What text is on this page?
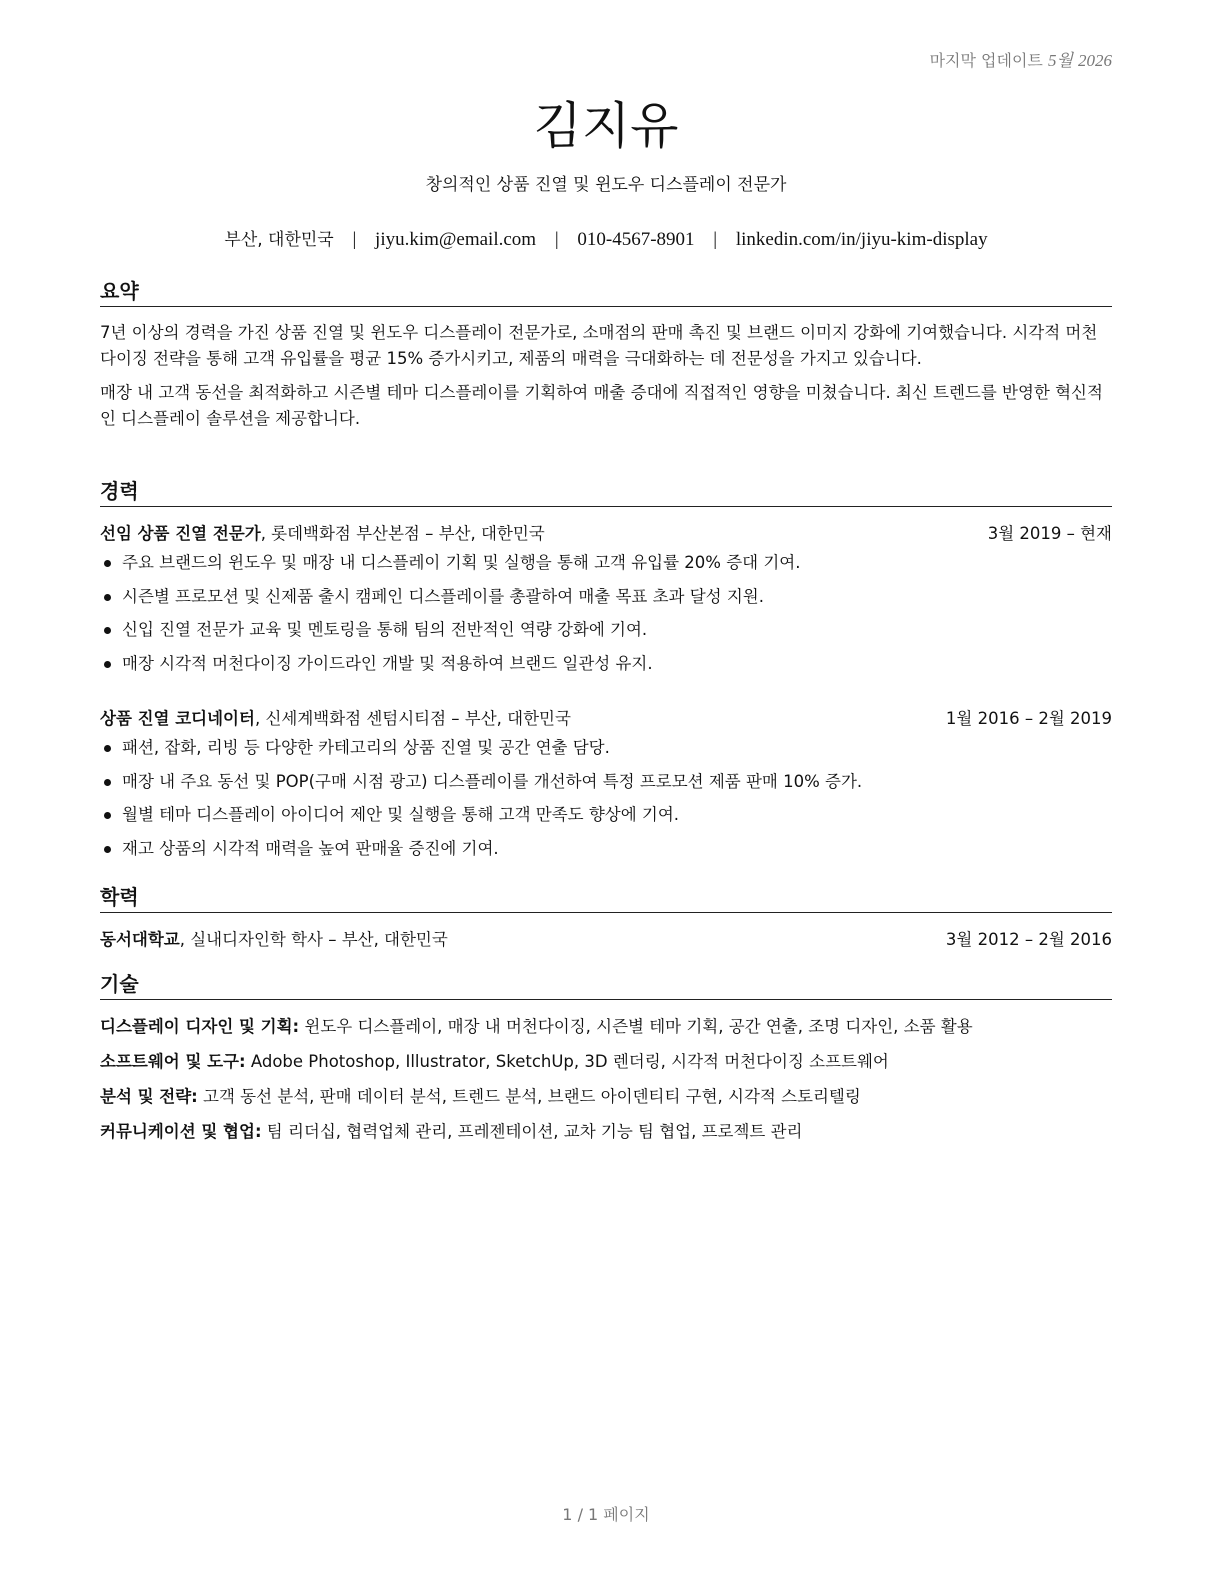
마지막 업데이트 5월 2026
김지유
창의적인 상품 진열 및 윈도우 디스플레이 전문가
부산, 대한민국 | jiyu.kim@email.com | 010-4567-8901 | linkedin.com/in/jiyu-kim-display
요약

7년 이상의 경력을 가진 상품 진열 및 윈도우 디스플레이 전문가로, 소매점의 판매 촉진 및 브랜드 이미지 강화에 기여했습니다. 시각적 머천다이징 전략을 통해 고객 유입률을 평균 15% 증가시키고, 제품의 매력을 극대화하는 데 전문성을 가지고 있습니다.

매장 내 고객 동선을 최적화하고 시즌별 테마 디스플레이를 기획하여 매출 증대에 직접적인 영향을 미쳤습니다. 최신 트렌드를 반영한 혁신적인 디스플레이 솔루션을 제공합니다.

경력
선임 상품 진열 전문가, 롯데백화점 부산본점 – 부산, 대한민국	3월 2019 – 현재
주요 브랜드의 윈도우 및 매장 내 디스플레이 기획 및 실행을 통해 고객 유입률 20% 증대 기여.
시즌별 프로모션 및 신제품 출시 캠페인 디스플레이를 총괄하여 매출 목표 초과 달성 지원.
신입 진열 전문가 교육 및 멘토링을 통해 팀의 전반적인 역량 강화에 기여.
매장 시각적 머천다이징 가이드라인 개발 및 적용하여 브랜드 일관성 유지.
상품 진열 코디네이터, 신세계백화점 센텀시티점 – 부산, 대한민국	1월 2016 – 2월 2019
패션, 잡화, 리빙 등 다양한 카테고리의 상품 진열 및 공간 연출 담당.
매장 내 주요 동선 및 POP(구매 시점 광고) 디스플레이를 개선하여 특정 프로모션 제품 판매 10% 증가.
월별 테마 디스플레이 아이디어 제안 및 실행을 통해 고객 만족도 향상에 기여.
재고 상품의 시각적 매력을 높여 판매율 증진에 기여.
학력
동서대학교, 실내디자인학 학사 – 부산, 대한민국	3월 2012 – 2월 2016
기술
디스플레이 디자인 및 기획: 윈도우 디스플레이, 매장 내 머천다이징, 시즌별 테마 기획, 공간 연출, 조명 디자인, 소품 활용
소프트웨어 및 도구: Adobe Photoshop, Illustrator, SketchUp, 3D 렌더링, 시각적 머천다이징 소프트웨어
분석 및 전략: 고객 동선 분석, 판매 데이터 분석, 트렌드 분석, 브랜드 아이덴티티 구현, 시각적 스토리텔링
커뮤니케이션 및 협업: 팀 리더십, 협력업체 관리, 프레젠테이션, 교차 기능 팀 협업, 프로젝트 관리
1 / 1 페이지
